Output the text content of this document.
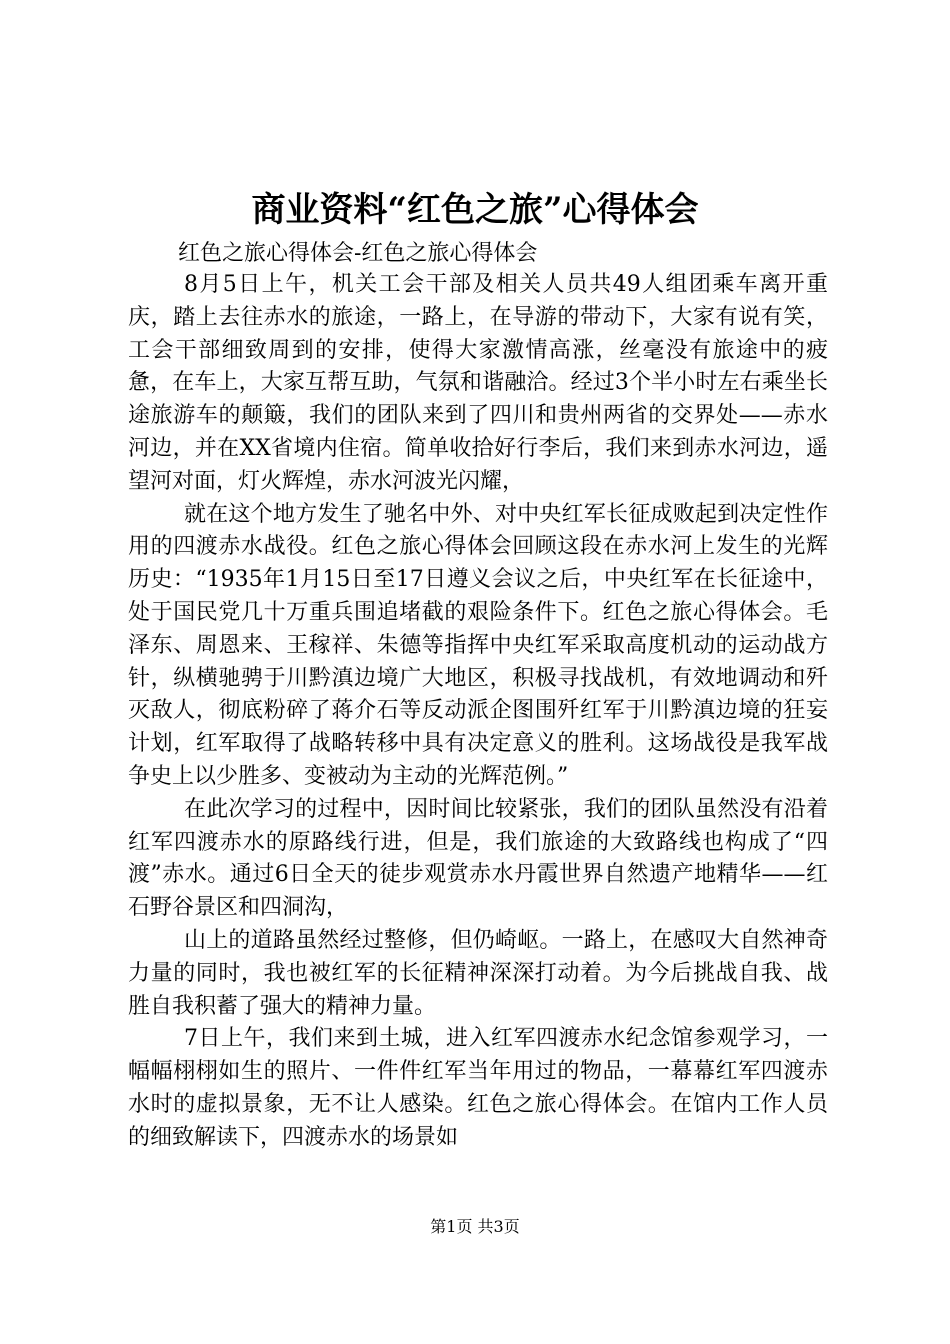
商业资料“红色之旅”心得体会

红色之旅心得体会-红色之旅心得体会

8月5日上午，机关工会干部及相关人员共49人组团乘车离开重庆，踏上去往赤水的旅途，一路上，在导游的带动下，大家有说有笑，工会干部细致周到的安排，使得大家激情高涨，丝毫没有旅途中的疲惫，在车上，大家互帮互助，气氛和谐融洽。经过3个半小时左右乘坐长途旅游车的颠簸，我们的团队来到了四川和贵州两省的交界处——赤水河边，并在XX省境内住宿。简单收拾好行李后，我们来到赤水河边，遥望河对面，灯火辉煌，赤水河波光闪耀，

就在这个地方发生了驰名中外、对中央红军长征成败起到决定性作用的四渡赤水战役。红色之旅心得体会回顾这段在赤水河上发生的光辉历史：“1935年1月15日至17日遵义会议之后，中央红军在长征途中，处于国民党几十万重兵围追堵截的艰险条件下。红色之旅心得体会。毛泽东、周恩来、王稼祥、朱德等指挥中央红军采取高度机动的运动战方针，纵横驰骋于川黔滇边境广大地区，积极寻找战机，有效地调动和歼灭敌人，彻底粉碎了蒋介石等反动派企图围歼红军于川黔滇边境的狂妄计划，红军取得了战略转移中具有决定意义的胜利。这场战役是我军战争史上以少胜多、变被动为主动的光辉范例。”

在此次学习的过程中，因时间比较紧张，我们的团队虽然没有沿着红军四渡赤水的原路线行进，但是，我们旅途的大致路线也构成了“四渡”赤水。通过6日全天的徒步观赏赤水丹霞世界自然遗产地精华——红石野谷景区和四洞沟，

山上的道路虽然经过整修，但仍崎岖。一路上，在感叹大自然神奇力量的同时，我也被红军的长征精神深深打动着。为今后挑战自我、战胜自我积蓄了强大的精神力量。

7日上午，我们来到土城，进入红军四渡赤水纪念馆参观学习，一幅幅栩栩如生的照片、一件件红军当年用过的物品，一幕幕红军四渡赤水时的虚拟景象，无不让人感染。红色之旅心得体会。在馆内工作人员的细致解读下，四渡赤水的场景如

第1页 共3页
